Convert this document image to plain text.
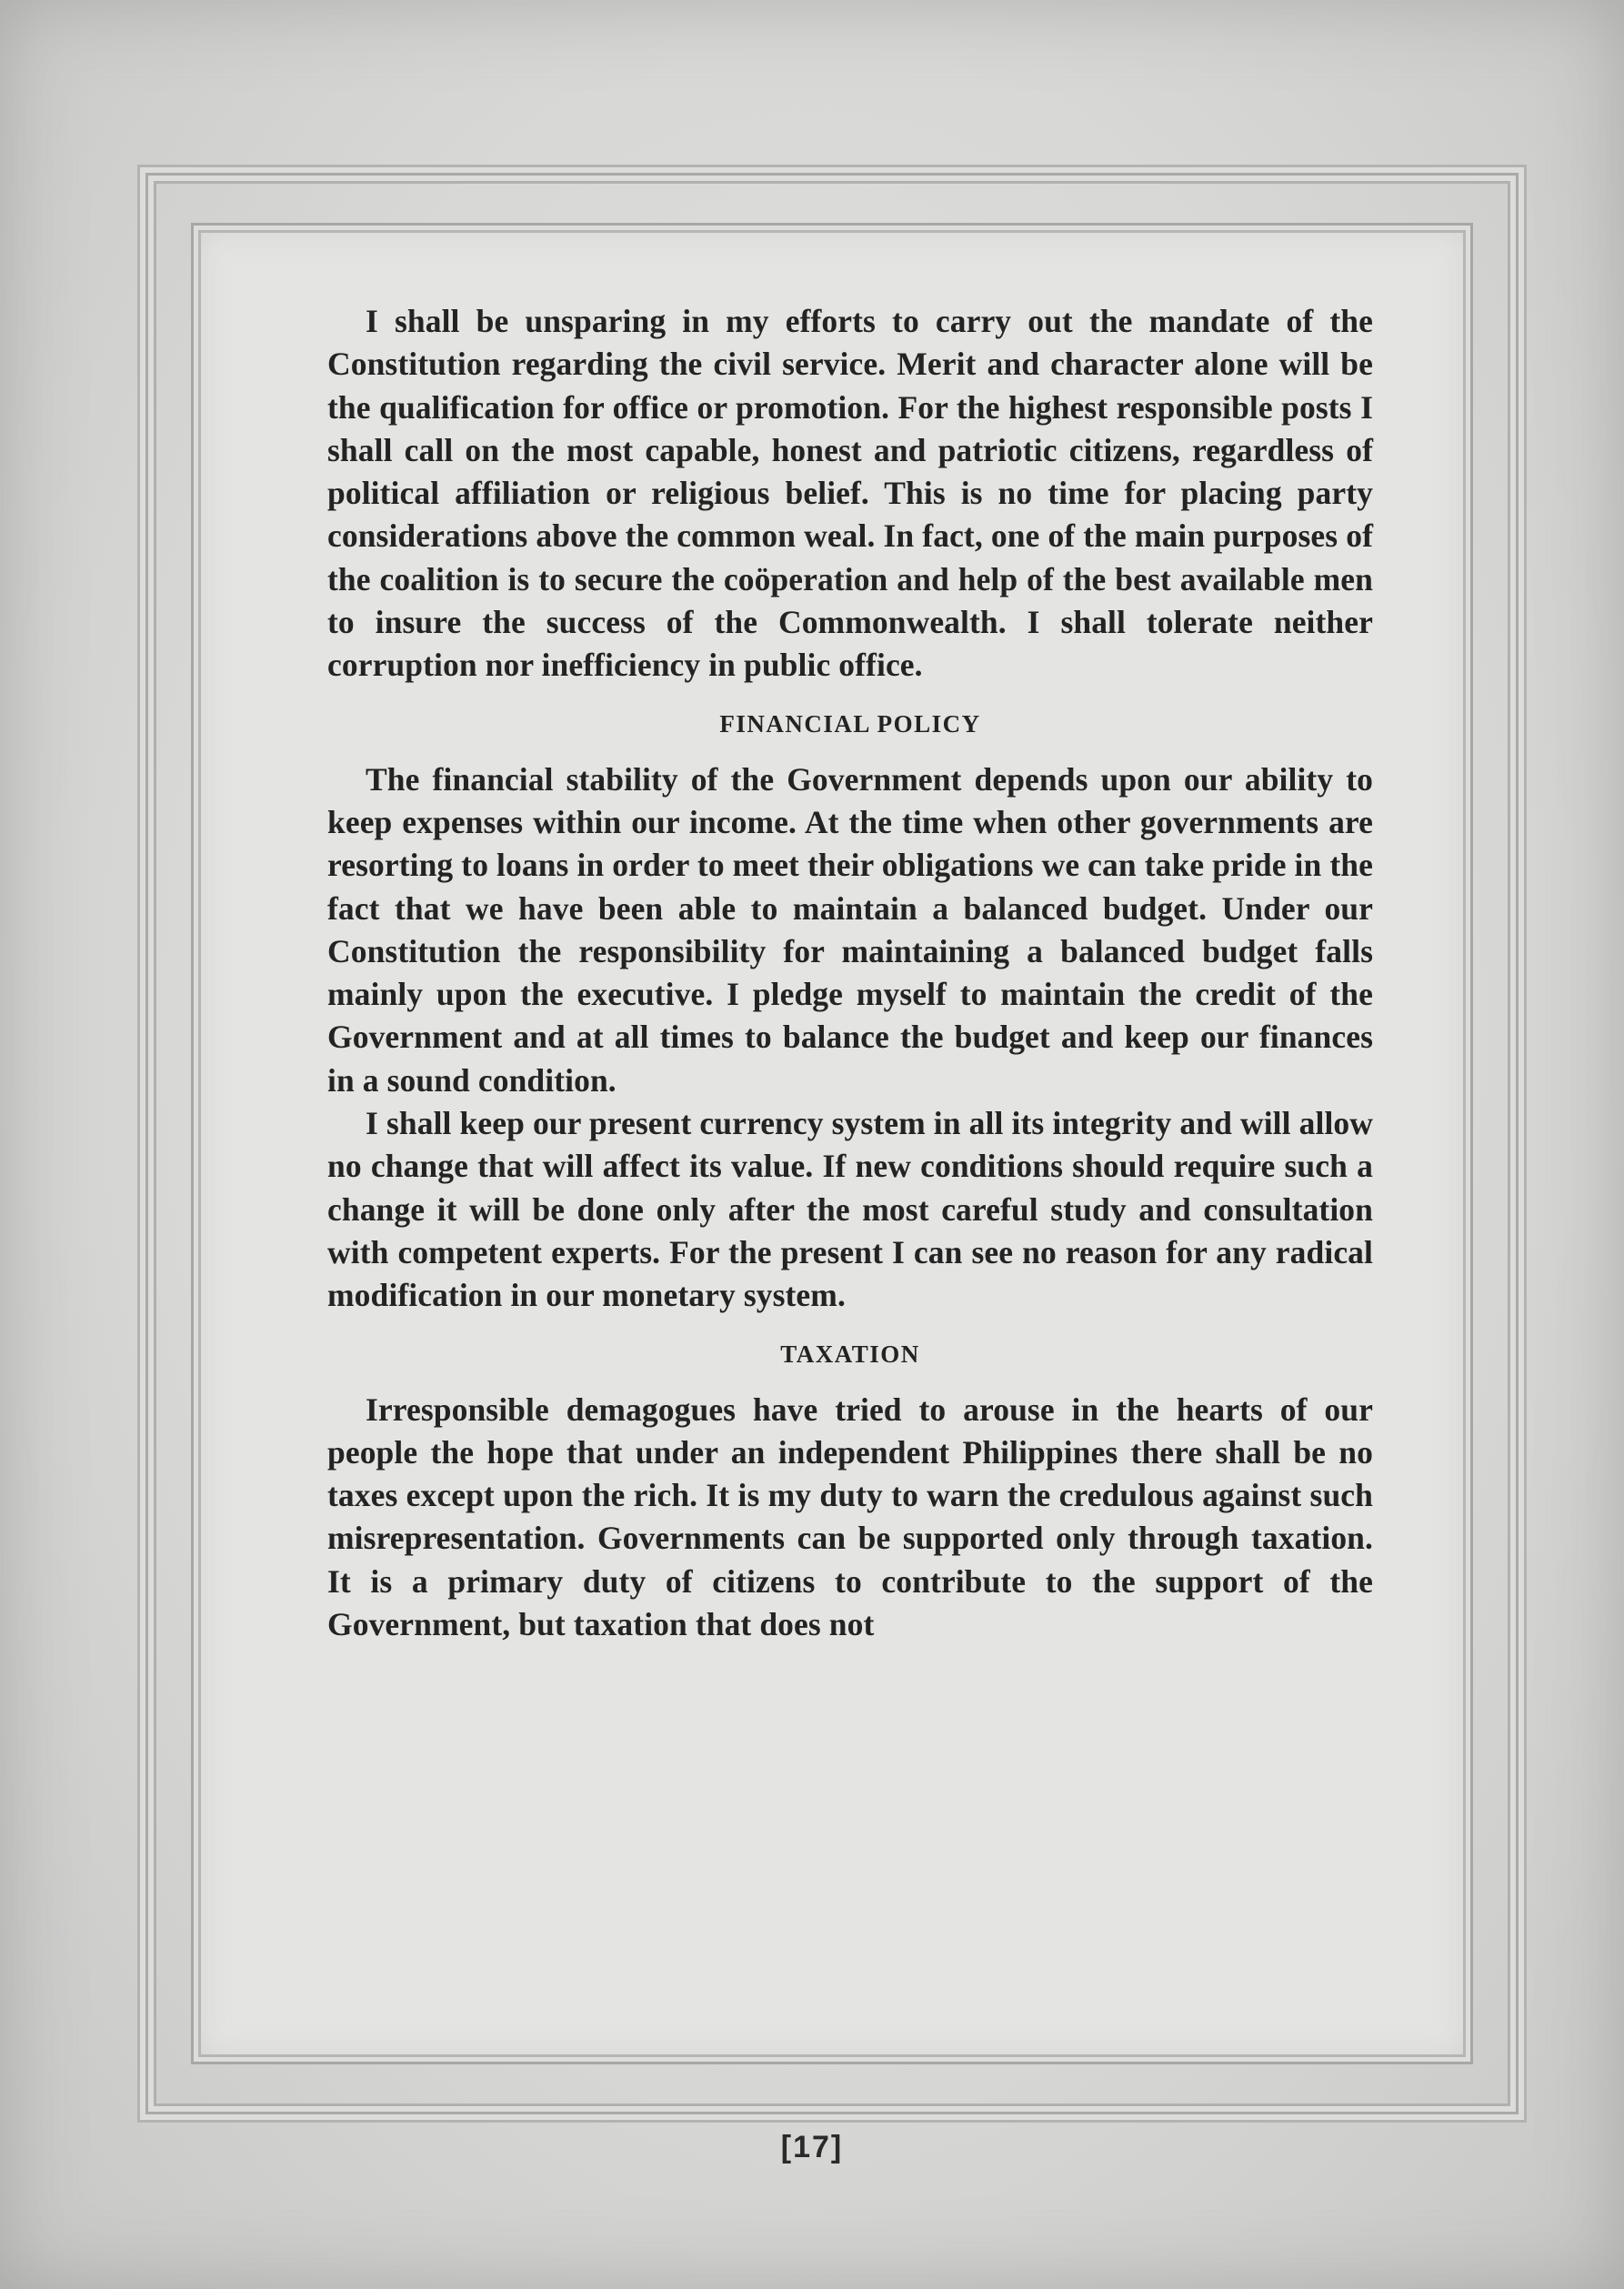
I shall be unsparing in my efforts to carry out the mandate of the Constitution regarding the civil service. Merit and character alone will be the qualification for office or promotion. For the highest responsible posts I shall call on the most capable, honest and patriotic citizens, regardless of political affiliation or religious belief. This is no time for placing party considerations above the common weal. In fact, one of the main purposes of the coalition is to secure the coöperation and help of the best available men to insure the success of the Commonwealth. I shall tolerate neither corruption nor inefficiency in public office.

FINANCIAL POLICY

The financial stability of the Government depends upon our ability to keep expenses within our income. At the time when other governments are resorting to loans in order to meet their obligations we can take pride in the fact that we have been able to maintain a balanced budget. Under our Constitution the responsibility for maintaining a balanced budget falls mainly upon the executive. I pledge myself to maintain the credit of the Government and at all times to balance the budget and keep our finances in a sound condition.

I shall keep our present currency system in all its integrity and will allow no change that will affect its value. If new conditions should require such a change it will be done only after the most careful study and consultation with competent experts. For the present I can see no reason for any radical modification in our monetary system.

TAXATION

Irresponsible demagogues have tried to arouse in the hearts of our people the hope that under an independent Philippines there shall be no taxes except upon the rich. It is my duty to warn the credulous against such misrepresentation. Governments can be supported only through taxation. It is a primary duty of citizens to contribute to the support of the Government, but taxation that does not

[17]
